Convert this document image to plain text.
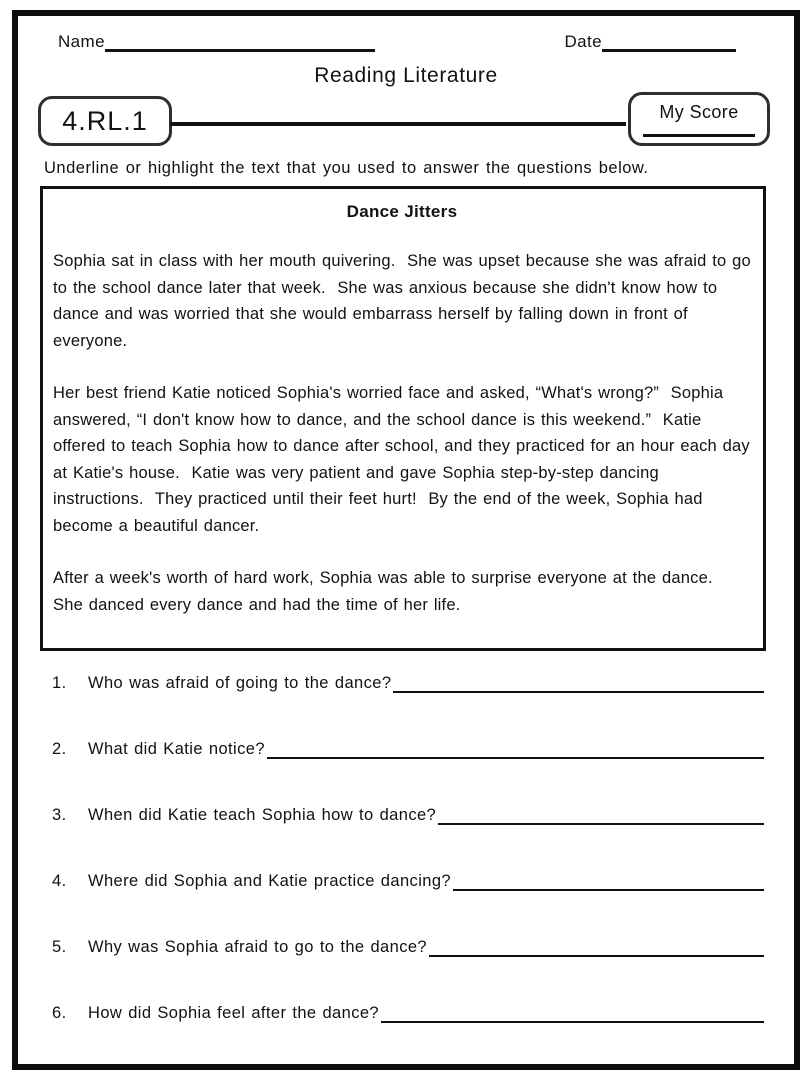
Name	Date
Reading Literature
4.RL.1	My Score
Underline or highlight the text that you used to answer the questions below.
Dance Jitters

Sophia sat in class with her mouth quivering.  She was upset because she was afraid to go to the school dance later that week.  She was anxious because she didn't know how to dance and was worried that she would embarrass herself by falling down in front of everyone.

Her best friend Katie noticed Sophia's worried face and asked, “What's wrong?”  Sophia answered, “I don't know how to dance, and the school dance is this weekend.”  Katie offered to teach Sophia how to dance after school, and they practiced for an hour each day at Katie's house.  Katie was very patient and gave Sophia step-by-step dancing instructions.  They practiced until their feet hurt!  By the end of the week, Sophia had become a beautiful dancer.

After a week's worth of hard work, Sophia was able to surprise everyone at the dance.  She danced every dance and had the time of her life.

1.	Who was afraid of going to the dance?
2.	What did Katie notice?
3.	When did Katie teach Sophia how to dance?
4.	Where did Sophia and Katie practice dancing?
5.	Why was Sophia afraid to go to the dance?
6.	How did Sophia feel after the dance?
